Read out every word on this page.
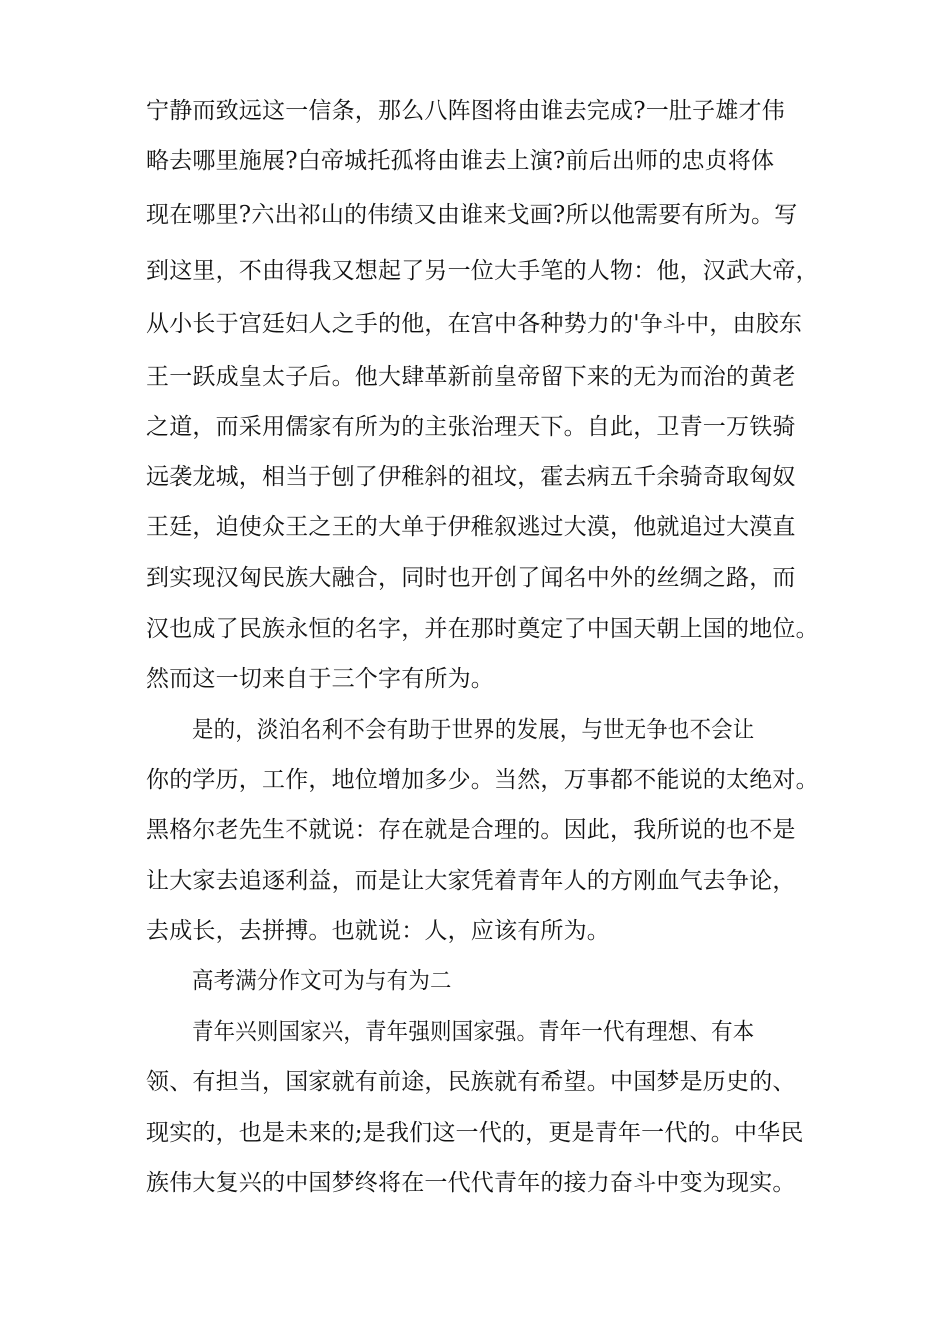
宁静而致远这一信条，那么八阵图将由谁去完成?一肚子雄才伟
略去哪里施展?白帝城托孤将由谁去上演?前后出师的忠贞将体
现在哪里?六出祁山的伟绩又由谁来戈画?所以他需要有所为。写
到这里，不由得我又想起了另一位大手笔的人物：他，汉武大帝，
从小长于宫廷妇人之手的他，在宫中各种势力的'争斗中，由胶东
王一跃成皇太子后。他大肆革新前皇帝留下来的无为而治的黄老
之道，而采用儒家有所为的主张治理天下。自此，卫青一万铁骑
远袭龙城，相当于刨了伊稚斜的祖坟，霍去病五千余骑奇取匈奴
王廷，迫使众王之王的大单于伊稚叙逃过大漠，他就追过大漠直
到实现汉匈民族大融合，同时也开创了闻名中外的丝绸之路，而
汉也成了民族永恒的名字，并在那时奠定了中国天朝上国的地位。
然而这一切来自于三个字有所为。
是的，淡泊名利不会有助于世界的发展，与世无争也不会让
你的学历，工作，地位增加多少。当然，万事都不能说的太绝对。
黑格尔老先生不就说：存在就是合理的。因此，我所说的也不是
让大家去追逐利益，而是让大家凭着青年人的方刚血气去争论，
去成长，去拼搏。也就说：人，应该有所为。
高考满分作文可为与有为二
青年兴则国家兴，青年强则国家强。青年一代有理想、有本
领、有担当，国家就有前途，民族就有希望。中国梦是历史的、
现实的，也是未来的;是我们这一代的，更是青年一代的。中华民
族伟大复兴的中国梦终将在一代代青年的接力奋斗中变为现实。
